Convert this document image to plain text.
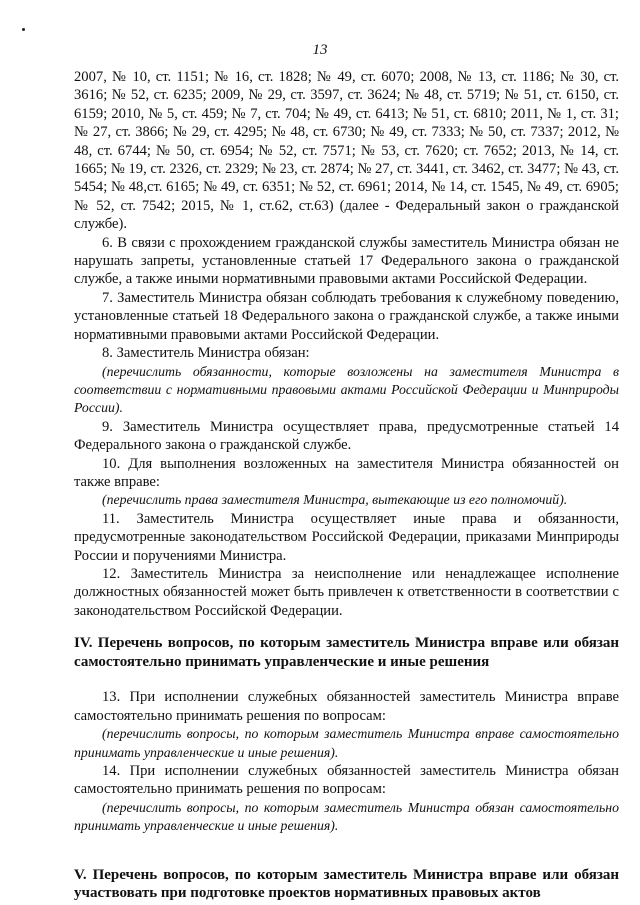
13

2007, № 10, ст. 1151; № 16, ст. 1828; № 49, ст. 6070; 2008, № 13, ст. 1186; № 30, ст. 3616; № 52, ст. 6235; 2009, № 29, ст. 3597, ст. 3624; № 48, ст. 5719; № 51, ст. 6150, ст. 6159; 2010, № 5, ст. 459; № 7, ст. 704; № 49, ст. 6413; № 51, ст. 6810; 2011, № 1, ст. 31; № 27, ст. 3866; № 29, ст. 4295; № 48, ст. 6730; № 49, ст. 7333; № 50, ст. 7337; 2012, № 48, ст. 6744; № 50, ст. 6954; № 52, ст. 7571; № 53, ст. 7620; ст. 7652; 2013, № 14, ст. 1665; № 19, ст. 2326, ст. 2329; № 23, ст. 2874; № 27, ст. 3441, ст. 3462, ст. 3477; № 43, ст. 5454; № 48,ст. 6165; № 49, ст. 6351; № 52, ст. 6961; 2014, № 14, ст. 1545, № 49, ст. 6905; № 52, ст. 7542; 2015, № 1, ст.62, ст.63) (далее - Федеральный закон о гражданской службе).

6. В связи с прохождением гражданской службы заместитель Министра обязан не нарушать запреты, установленные статьей 17 Федерального закона о гражданской службе, а также иными нормативными правовыми актами Российской Федерации.

7. Заместитель Министра обязан соблюдать требования к служебному поведению, установленные статьей 18 Федерального закона о гражданской службе, а также иными нормативными правовыми актами Российской Федерации.

8. Заместитель Министра обязан:

(перечислить обязанности, которые возложены на заместителя Министра в соответствии с нормативными правовыми актами Российской Федерации и Минприроды России).

9. Заместитель Министра осуществляет права, предусмотренные статьей 14 Федерального закона о гражданской службе.

10. Для выполнения возложенных на заместителя Министра обязанностей он также вправе:

(перечислить права заместителя Министра, вытекающие из его полномочий).

11. Заместитель Министра осуществляет иные права и обязанности, предусмотренные законодательством Российской Федерации, приказами Минприроды России и поручениями Министра.

12. Заместитель Министра за неисполнение или ненадлежащее исполнение должностных обязанностей может быть привлечен к ответственности в соответствии с законодательством Российской Федерации.

IV. Перечень вопросов, по которым заместитель Министра вправе или обязан самостоятельно принимать управленческие и иные решения

13. При исполнении служебных обязанностей заместитель Министра вправе самостоятельно принимать решения по вопросам:

(перечислить вопросы, по которым заместитель Министра вправе самостоятельно принимать управленческие и иные решения).

14. При исполнении служебных обязанностей заместитель Министра обязан самостоятельно принимать решения по вопросам:

(перечислить вопросы, по которым заместитель Министра обязан самостоятельно принимать управленческие и иные решения).

V. Перечень вопросов, по которым заместитель Министра вправе или обязан участвовать при подготовке проектов нормативных правовых актов
